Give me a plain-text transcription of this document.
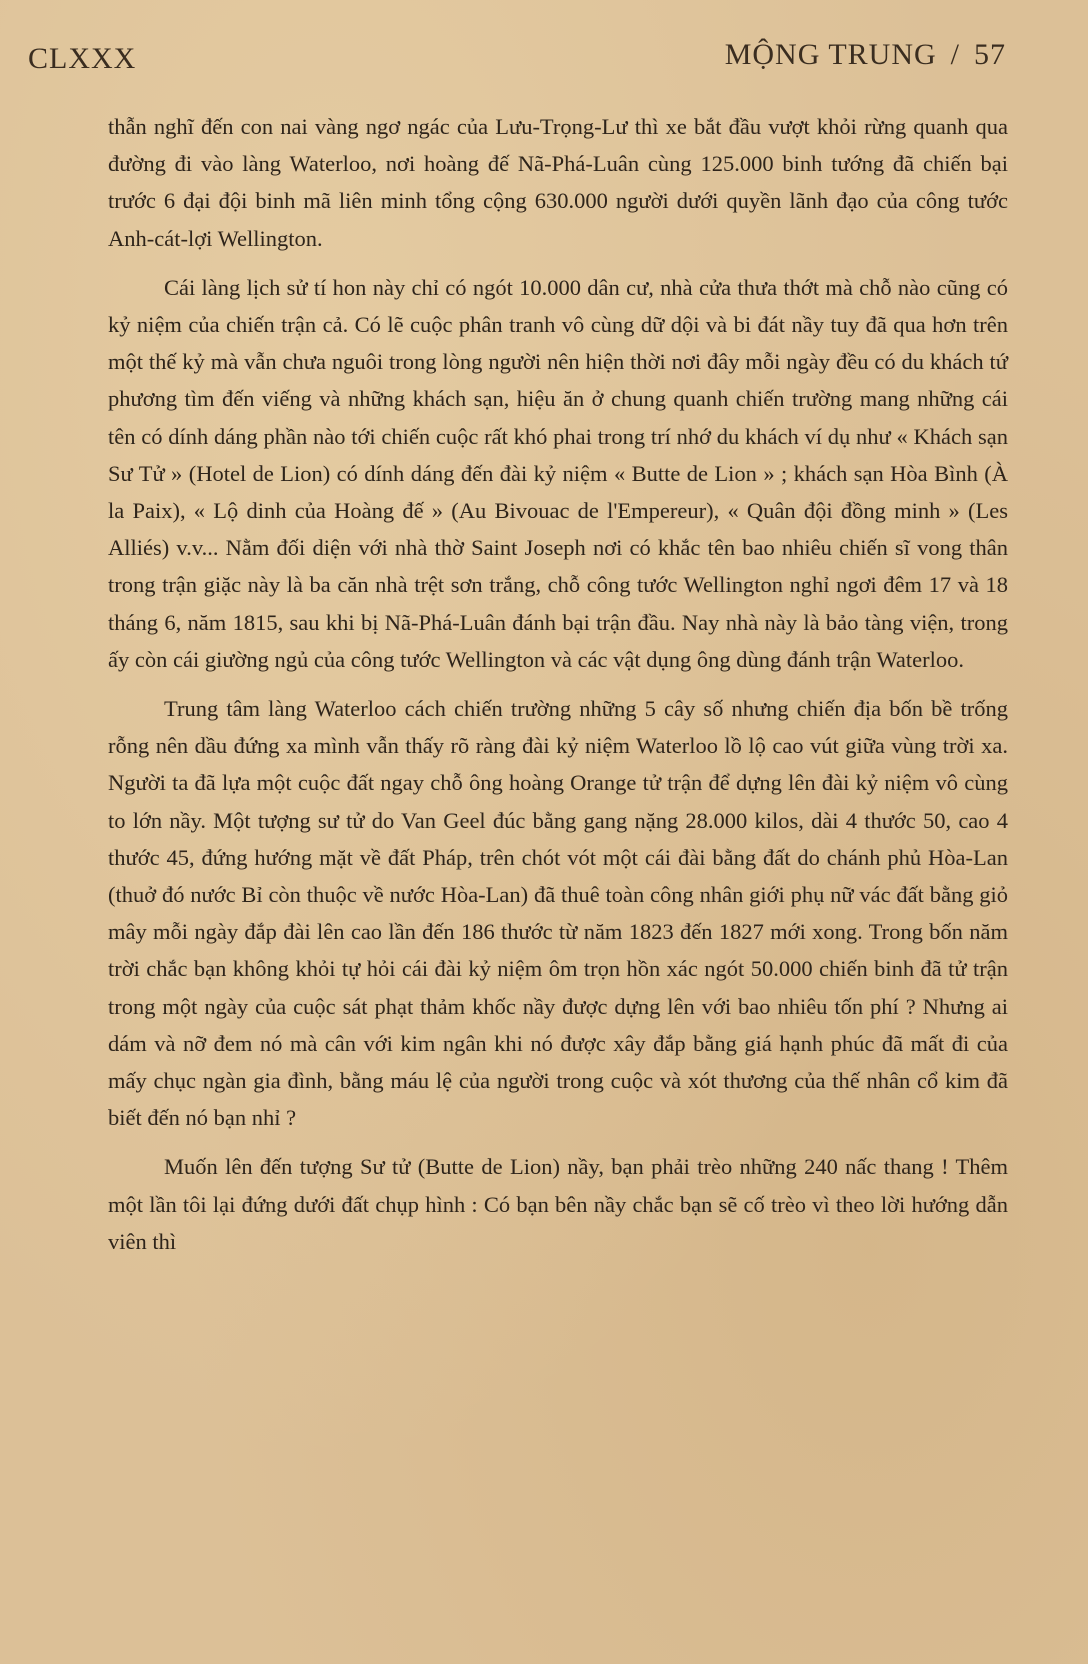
CLXXX	MỘNG TRUNG / 57

thẫn nghĩ đến con nai vàng ngơ ngác của Lưu-Trọng-Lư thì xe bắt đầu vượt khỏi rừng quanh qua đường đi vào làng Waterloo, nơi hoàng đế Nã-Phá-Luân cùng 125.000 binh tướng đã chiến bại trước 6 đại đội binh mã liên minh tổng cộng 630.000 người dưới quyền lãnh đạo của công tước Anh-cát-lợi Wellington.

Cái làng lịch sử tí hon này chỉ có ngót 10.000 dân cư, nhà cửa thưa thớt mà chỗ nào cũng có kỷ niệm của chiến trận cả. Có lẽ cuộc phân tranh vô cùng dữ dội và bi đát nầy tuy đã qua hơn trên một thế kỷ mà vẫn chưa nguôi trong lòng người nên hiện thời nơi đây mỗi ngày đều có du khách tứ phương tìm đến viếng và những khách sạn, hiệu ăn ở chung quanh chiến trường mang những cái tên có dính dáng phần nào tới chiến cuộc rất khó phai trong trí nhớ du khách ví dụ như « Khách sạn Sư Tử » (Hotel de Lion) có dính dáng đến đài kỷ niệm « Butte de Lion » ; khách sạn Hòa Bình (À la Paix), « Lộ dinh của Hoàng đế » (Au Bivouac de l'Empereur), « Quân đội đồng minh » (Les Alliés) v.v... Nằm đối diện với nhà thờ Saint Joseph nơi có khắc tên bao nhiêu chiến sĩ vong thân trong trận giặc này là ba căn nhà trệt sơn trắng, chỗ công tước Wellington nghỉ ngơi đêm 17 và 18 tháng 6, năm 1815, sau khi bị Nã-Phá-Luân đánh bại trận đầu. Nay nhà này là bảo tàng viện, trong ấy còn cái giường ngủ của công tước Wellington và các vật dụng ông dùng đánh trận Waterloo.

Trung tâm làng Waterloo cách chiến trường những 5 cây số nhưng chiến địa bốn bề trống rỗng nên dầu đứng xa mình vẫn thấy rõ ràng đài kỷ niệm Waterloo lồ lộ cao vút giữa vùng trời xa. Người ta đã lựa một cuộc đất ngay chỗ ông hoàng Orange tử trận để dựng lên đài kỷ niệm vô cùng to lớn nầy. Một tượng sư tử do Van Geel đúc bằng gang nặng 28.000 kilos, dài 4 thước 50, cao 4 thước 45, đứng hướng mặt về đất Pháp, trên chót vót một cái đài bằng đất do chánh phủ Hòa-Lan (thuở đó nước Bỉ còn thuộc về nước Hòa-Lan) đã thuê toàn công nhân giới phụ nữ vác đất bằng giỏ mây mỗi ngày đắp đài lên cao lần đến 186 thước từ năm 1823 đến 1827 mới xong. Trong bốn năm trời chắc bạn không khỏi tự hỏi cái đài kỷ niệm ôm trọn hồn xác ngót 50.000 chiến binh đã tử trận trong một ngày của cuộc sát phạt thảm khốc nầy được dựng lên với bao nhiêu tốn phí ? Nhưng ai dám và nỡ đem nó mà cân với kim ngân khi nó được xây đắp bằng giá hạnh phúc đã mất đi của mấy chục ngàn gia đình, bằng máu lệ của người trong cuộc và xót thương của thế nhân cổ kim đã biết đến nó bạn nhỉ ?

Muốn lên đến tượng Sư tử (Butte de Lion) nầy, bạn phải trèo những 240 nấc thang ! Thêm một lần tôi lại đứng dưới đất chụp hình : Có bạn bên nầy chắc bạn sẽ cố trèo vì theo lời hướng dẫn viên thì
